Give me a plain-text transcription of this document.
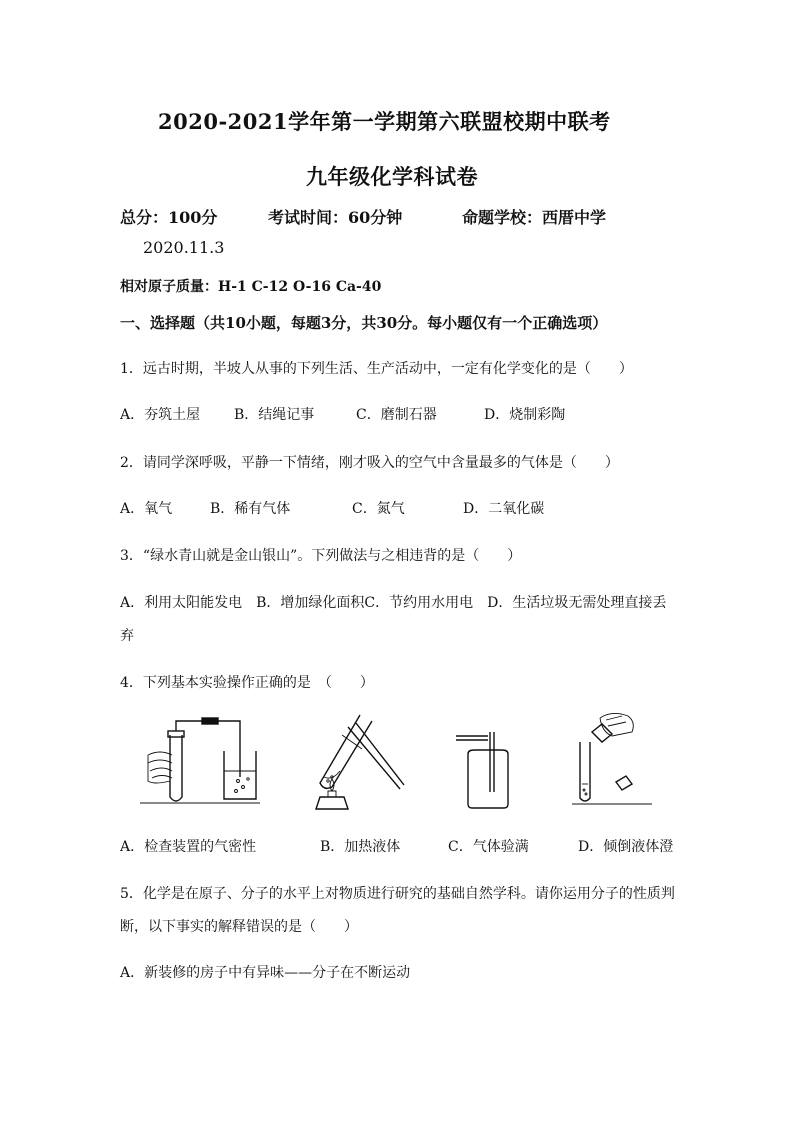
2020-2021学年第一学期第六联盟校期中联考
九年级化学科试卷
总分：100分	考试时间：60分钟	命题学校：西厝中学
2020.11.3
相对原子质量：H-1 C-12 O-16 Ca-40
一、选择题（共10小题，每题3分，共30分。每小题仅有一个正确选项）
1．远古时期，半坡人从事的下列生活、生产活动中，一定有化学变化的是（　　）
A．夯筑土屋 B．结绳记事	C．磨制石器	D．烧制彩陶
2．请同学深呼吸，平静一下情绪，刚才吸入的空气中含量最多的气体是（　　）
A．氧气	B．稀有气体	C．氮气	D．二氧化碳
3．“绿水青山就是金山银山”。下列做法与之相违背的是（　　）
A．利用太阳能发电　B．增加绿化面积C．节约用水用电　D．生活垃圾无需处理直接丢
弃
4．下列基本实验操作正确的是　（　　）
A．检查装置的气密性	B．加热液体	C．气体验满	D．倾倒液体澄
5．化学是在原子、分子的水平上对物质进行研究的基础自然学科。请你运用分子的性质判
断，以下事实的解释错误的是（　　）
A．新装修的房子中有异味——分子在不断运动
